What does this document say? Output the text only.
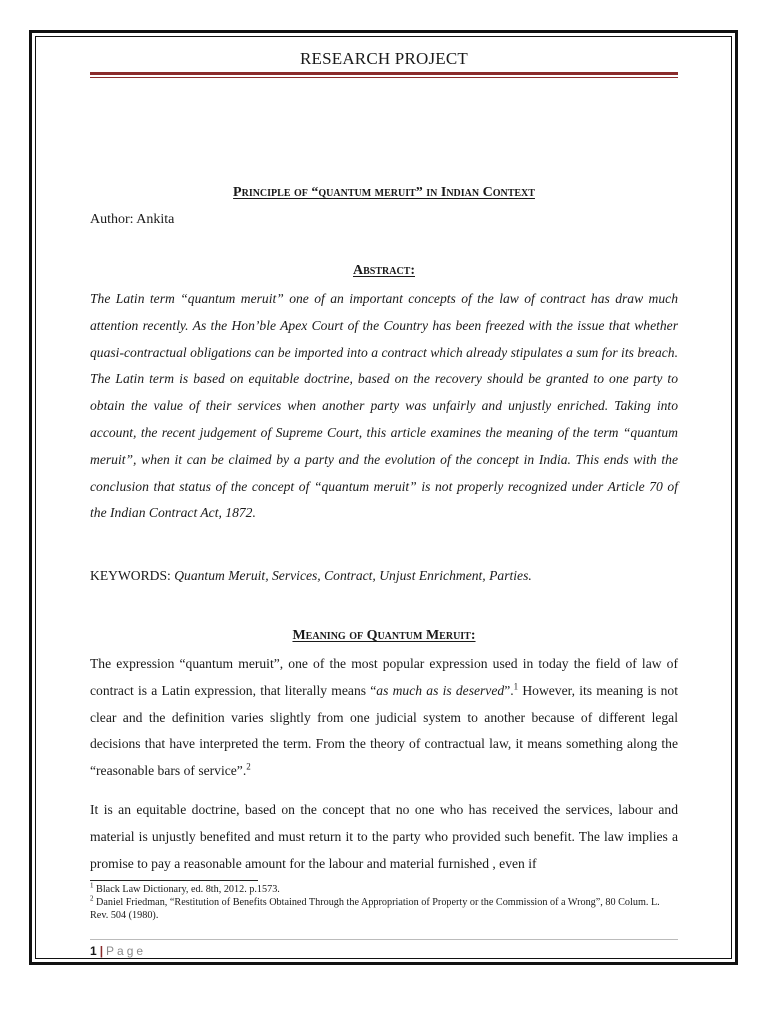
RESEARCH PROJECT
Principle of “quantum meruit” in Indian Context
Author: Ankita
Abstract:

The Latin term “quantum meruit” one of an important concepts of the law of contract has draw much attention recently. As the Hon’ble Apex Court of the Country has been freezed with the issue that whether quasi-contractual obligations can be imported into a contract which already stipulates a sum for its breach. The Latin term is based on equitable doctrine, based on the recovery should be granted to one party to obtain the value of their services when another party was unfairly and unjustly enriched. Taking into account, the recent judgement of Supreme Court, this article examines the meaning of the term “quantum meruit”, when it can be claimed by a party and the evolution of the concept in India. This ends with the conclusion that status of the concept of “quantum meruit” is not properly recognized under Article 70 of the Indian Contract Act, 1872.

KEYWORDS: Quantum Meruit, Services, Contract, Unjust Enrichment, Parties.
Meaning of Quantum Meruit:

The expression “quantum meruit”, one of the most popular expression used in today the field of law of contract is a Latin expression, that literally means “as much as is deserved”.$^1$ However, its meaning is not clear and the definition varies slightly from one judicial system to another because of different legal decisions that have interpreted the term. From the theory of contractual law, it means something along the “reasonable bars of service”.$^2$

It is an equitable doctrine, based on the concept that no one who has received the services, labour and material is unjustly benefited and must return it to the party who provided such benefit. The law implies a promise to pay a reasonable amount for the labour and material furnished , even if

$^1$ Black Law Dictionary, ed. 8th, 2012. p.1573.
$^2$ Daniel Friedman, “Restitution of Benefits Obtained Through the Appropriation of Property or the Commission of a Wrong”, 80 Colum. L. Rev. 504 (1980).
1 | Page
